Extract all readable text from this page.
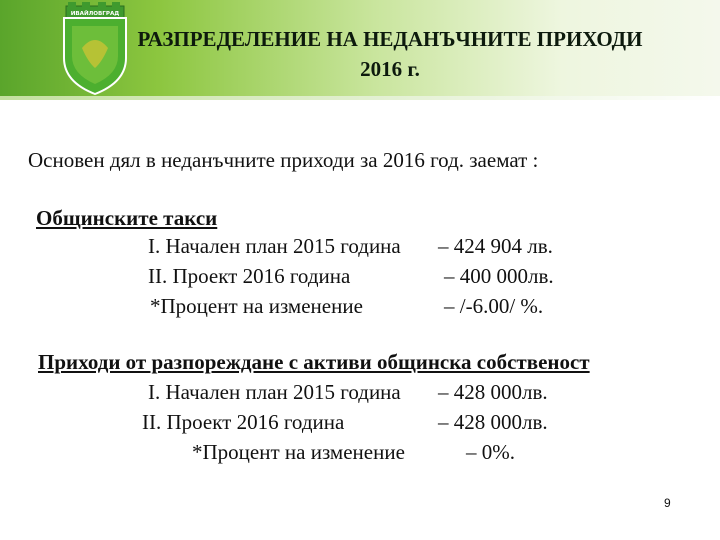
ИВАЙЛОВГРАД
РАЗПРЕДЕЛЕНИЕ НА НЕДАНЪЧНИТЕ ПРИХОДИ
2016 г.
Основен дял в неданъчните приходи за 2016 год. заемат :
Общинските такси
I. Начален план 2015 година – 424 904 лв.
II. Проект 2016 година	– 400 000лв.
*Процент на изменение	– /-6.00/ %.
Приходи от разпореждане с активи общинска собственост
I. Начален план 2015 година – 428 000лв.
II. Проект 2016 година	– 428 000лв.
*Процент на изменение	– 0%.
9
